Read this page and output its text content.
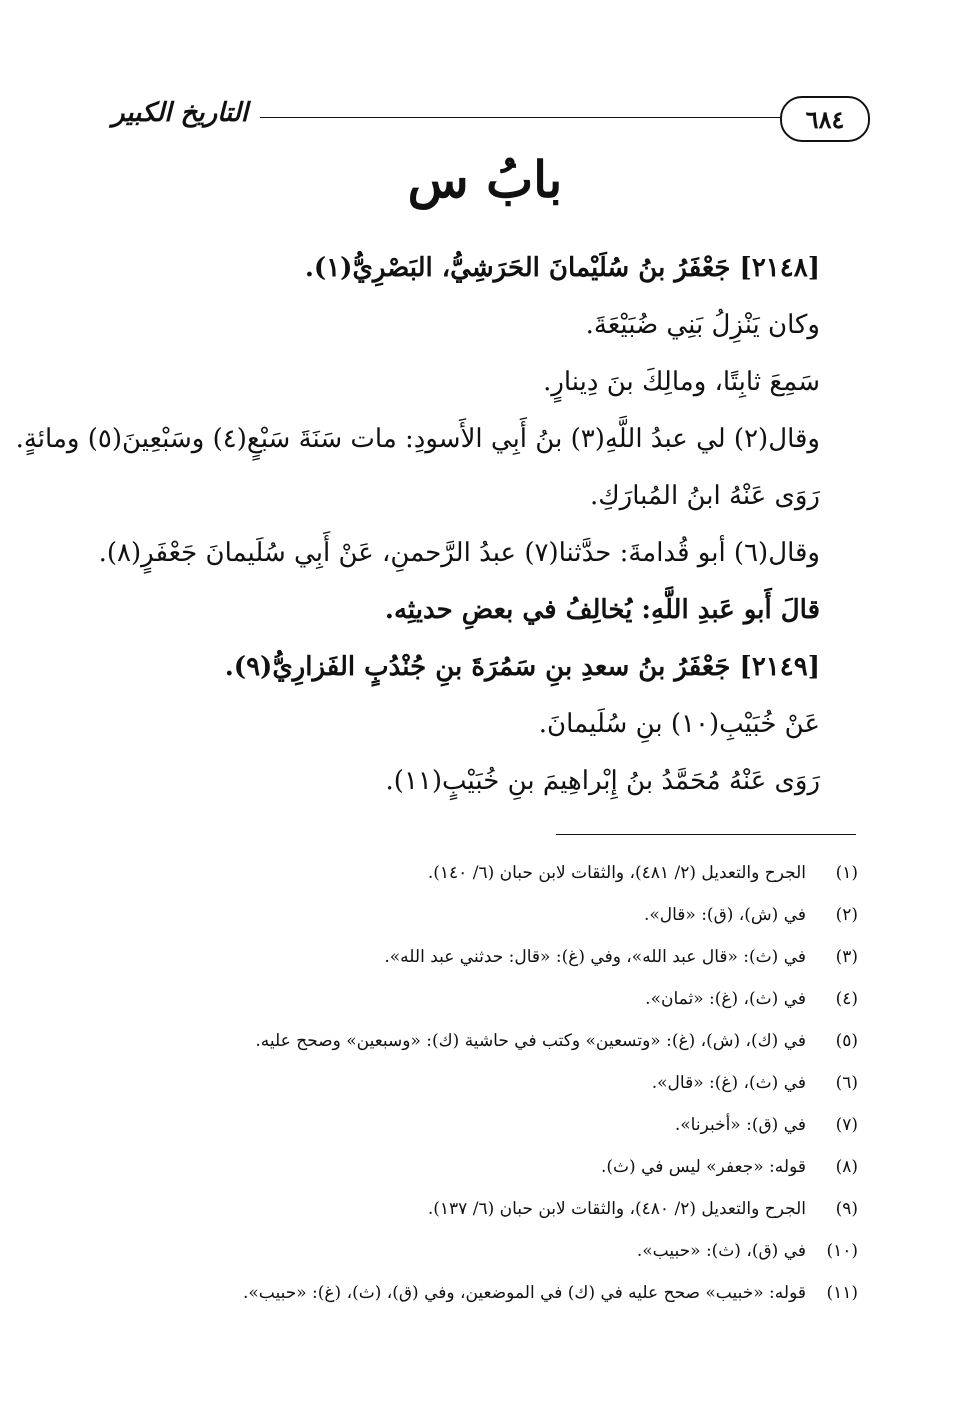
٦٨٤
التاريخ الكبير
بابُ س
[٢١٤٨] جَعْفَرُ بنُ سُلَيْمانَ الحَرَشِيُّ، البَصْرِيُّ(١).
وكان يَنْزِلُ بَنِي ضُبَيْعَةَ.
سَمِعَ ثابِتًا، ومالِكَ بنَ دِينارٍ.
وقال(٢) لي عبدُ اللَّهِ(٣) بنُ أَبِي الأَسودِ: مات سَنَةَ سَبْعٍ(٤) وسَبْعِينَ(٥) ومائةٍ.
رَوَى عَنْهُ ابنُ المُبارَكِ.
وقال(٦) أبو قُدامةَ: حدَّثنا(٧) عبدُ الرَّحمنِ، عَنْ أَبِي سُلَيمانَ جَعْفَرٍ(٨).
قالَ أَبو عَبدِ اللَّهِ: يُخالِفُ في بعضِ حديثِه.
[٢١٤٩] جَعْفَرُ بنُ سعدِ بنِ سَمُرَةَ بنِ جُنْدُبٍ الفَزارِيُّ(٩).
عَنْ خُبَيْبِ(١٠) بنِ سُلَيمانَ.
رَوَى عَنْهُ مُحَمَّدُ بنُ إِبْراهِيمَ بنِ خُبَيْبٍ(١١).
(١)الجرح والتعديل (٢/ ٤٨١)، والثقات لابن حبان (٦/ ١٤٠).
(٢)في (ش)، (ق): «قال».
(٣)في (ث): «قال عبد الله»، وفي (غ): «قال: حدثني عبد الله».
(٤)في (ث)، (غ): «ثمان».
(٥)في (ك)، (ش)، (غ): «وتسعين» وكتب في حاشية (ك): «وسبعين» وصحح عليه.
(٦)في (ث)، (غ): «قال».
(٧)في (ق): «أخبرنا».
(٨)قوله: «جعفر» ليس في (ث).
(٩)الجرح والتعديل (٢/ ٤٨٠)، والثقات لابن حبان (٦/ ١٣٧).
(١٠)في (ق)، (ث): «حبيب».
(١١)قوله: «خبيب» صحح عليه في (ك) في الموضعين، وفي (ق)، (ث)، (غ): «حبيب».
